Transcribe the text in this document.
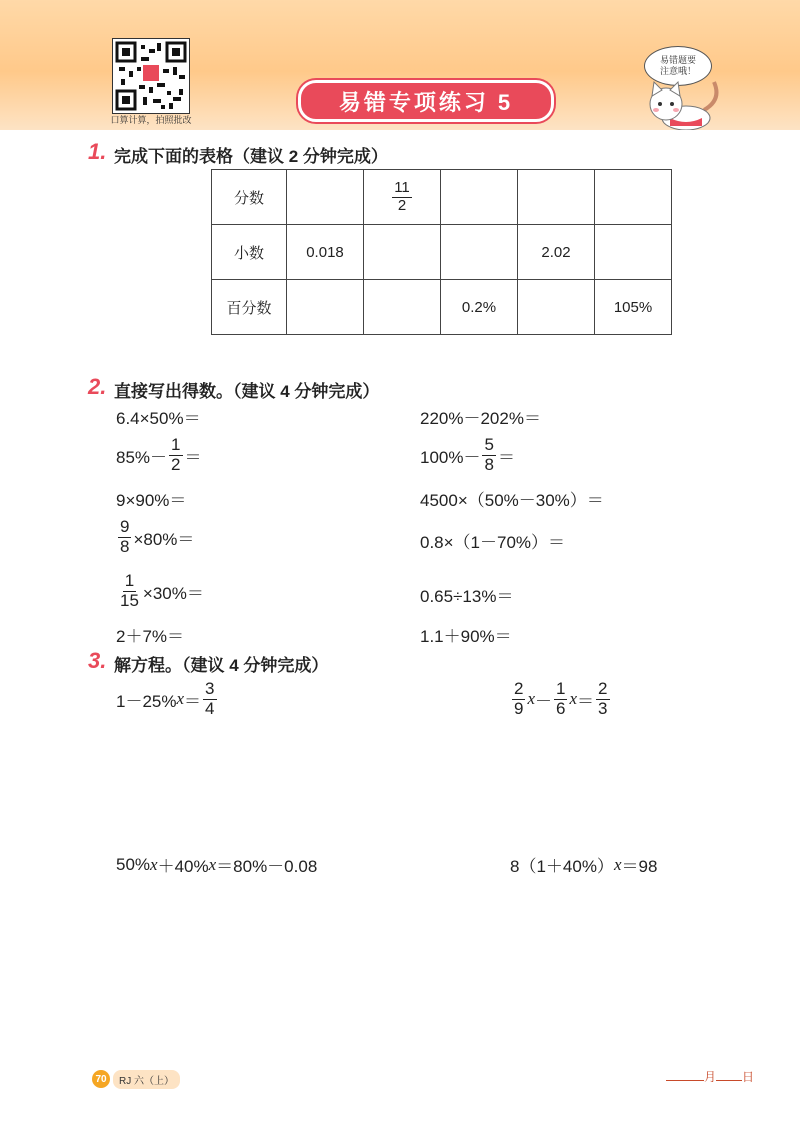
口算计算，拍照批改
易错专项练习 5
易错题要
注意哦！
1. 完成下面的表格（建议 2 分钟完成）
分数		$\frac{11}{2}$

小数	0.018			2.02	
百分数			0.2%		105%
2. 直接写出得数。（建议 4 分钟完成）
6.4×50%＝	220%－202%＝
$85\%- \frac{1}{2}$ ＝	$100\%- \frac{5}{8}$ ＝
9×90%＝	4500×（50%－30%）＝
$\frac{9}{8} \times 80\%=$	0.8×（1－70%）＝
$\frac{1}{15} \times 30\%=$	0.65÷13%＝
2＋7%＝	1.1＋90%＝
3. 解方程。（建议 4 分钟完成）
1－25% $x = \frac{3}{4}$	$\frac{2}{9}$ $x - \frac{1}{6}$ $x = \frac{2}{3}$
50% x ＋40% x ＝80%－0.08	8（1＋40%） x ＝98
70	RJ 六（上）	月 日
